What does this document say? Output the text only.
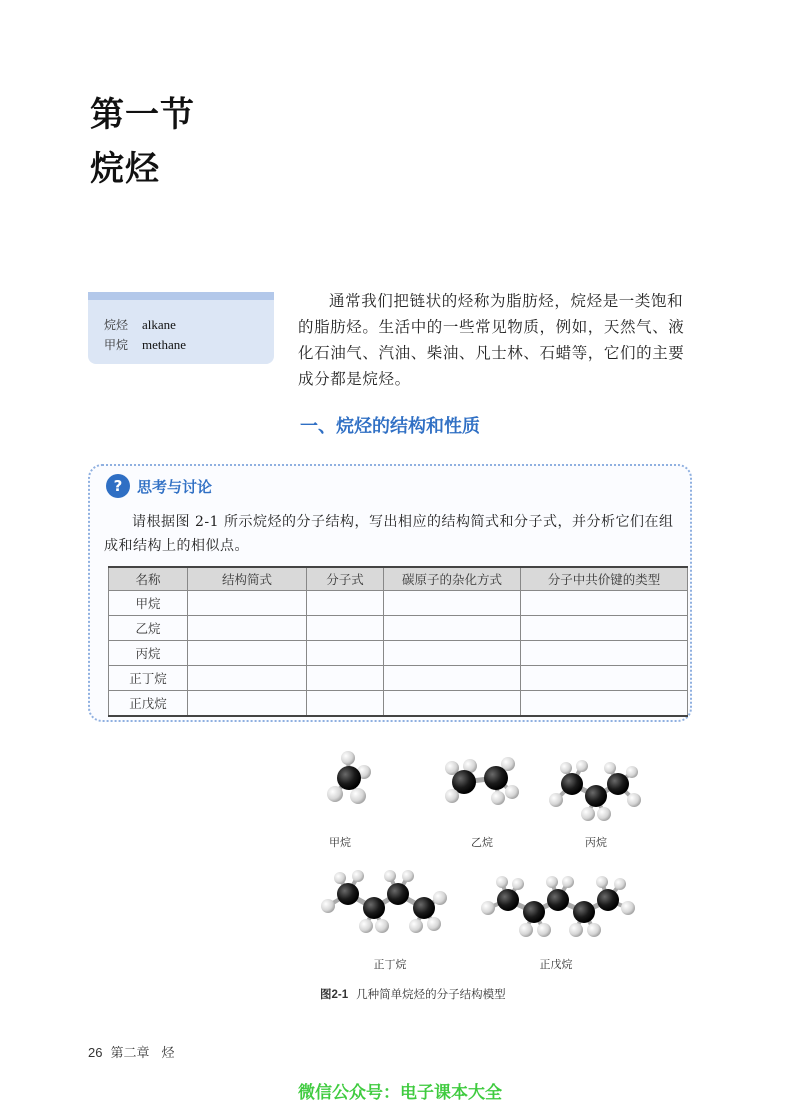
第一节
烷烃
烷烃 alkane
甲烷 methane
通常我们把链状的烃称为脂肪烃，烷烃是一类饱和的脂肪烃。生活中的一些常见物质，例如，天然气、液化石油气、汽油、柴油、凡士林、石蜡等，它们的主要成分都是烷烃。
一、烷烃的结构和性质
? 思考与讨论
请根据图 2-1 所示烷烃的分子结构，写出相应的结构简式和分子式，并分析它们在组成和结构上的相似点。
名称	结构简式	分子式	碳原子的杂化方式	分子中共价键的类型
甲烷				
乙烷				
丙烷				
正丁烷				
正戊烷				
甲烷	乙烷	丙烷
正丁烷	正戊烷
图2-1 几种简单烷烃的分子结构模型
26 第二章 烃
微信公众号：电子课本大全
